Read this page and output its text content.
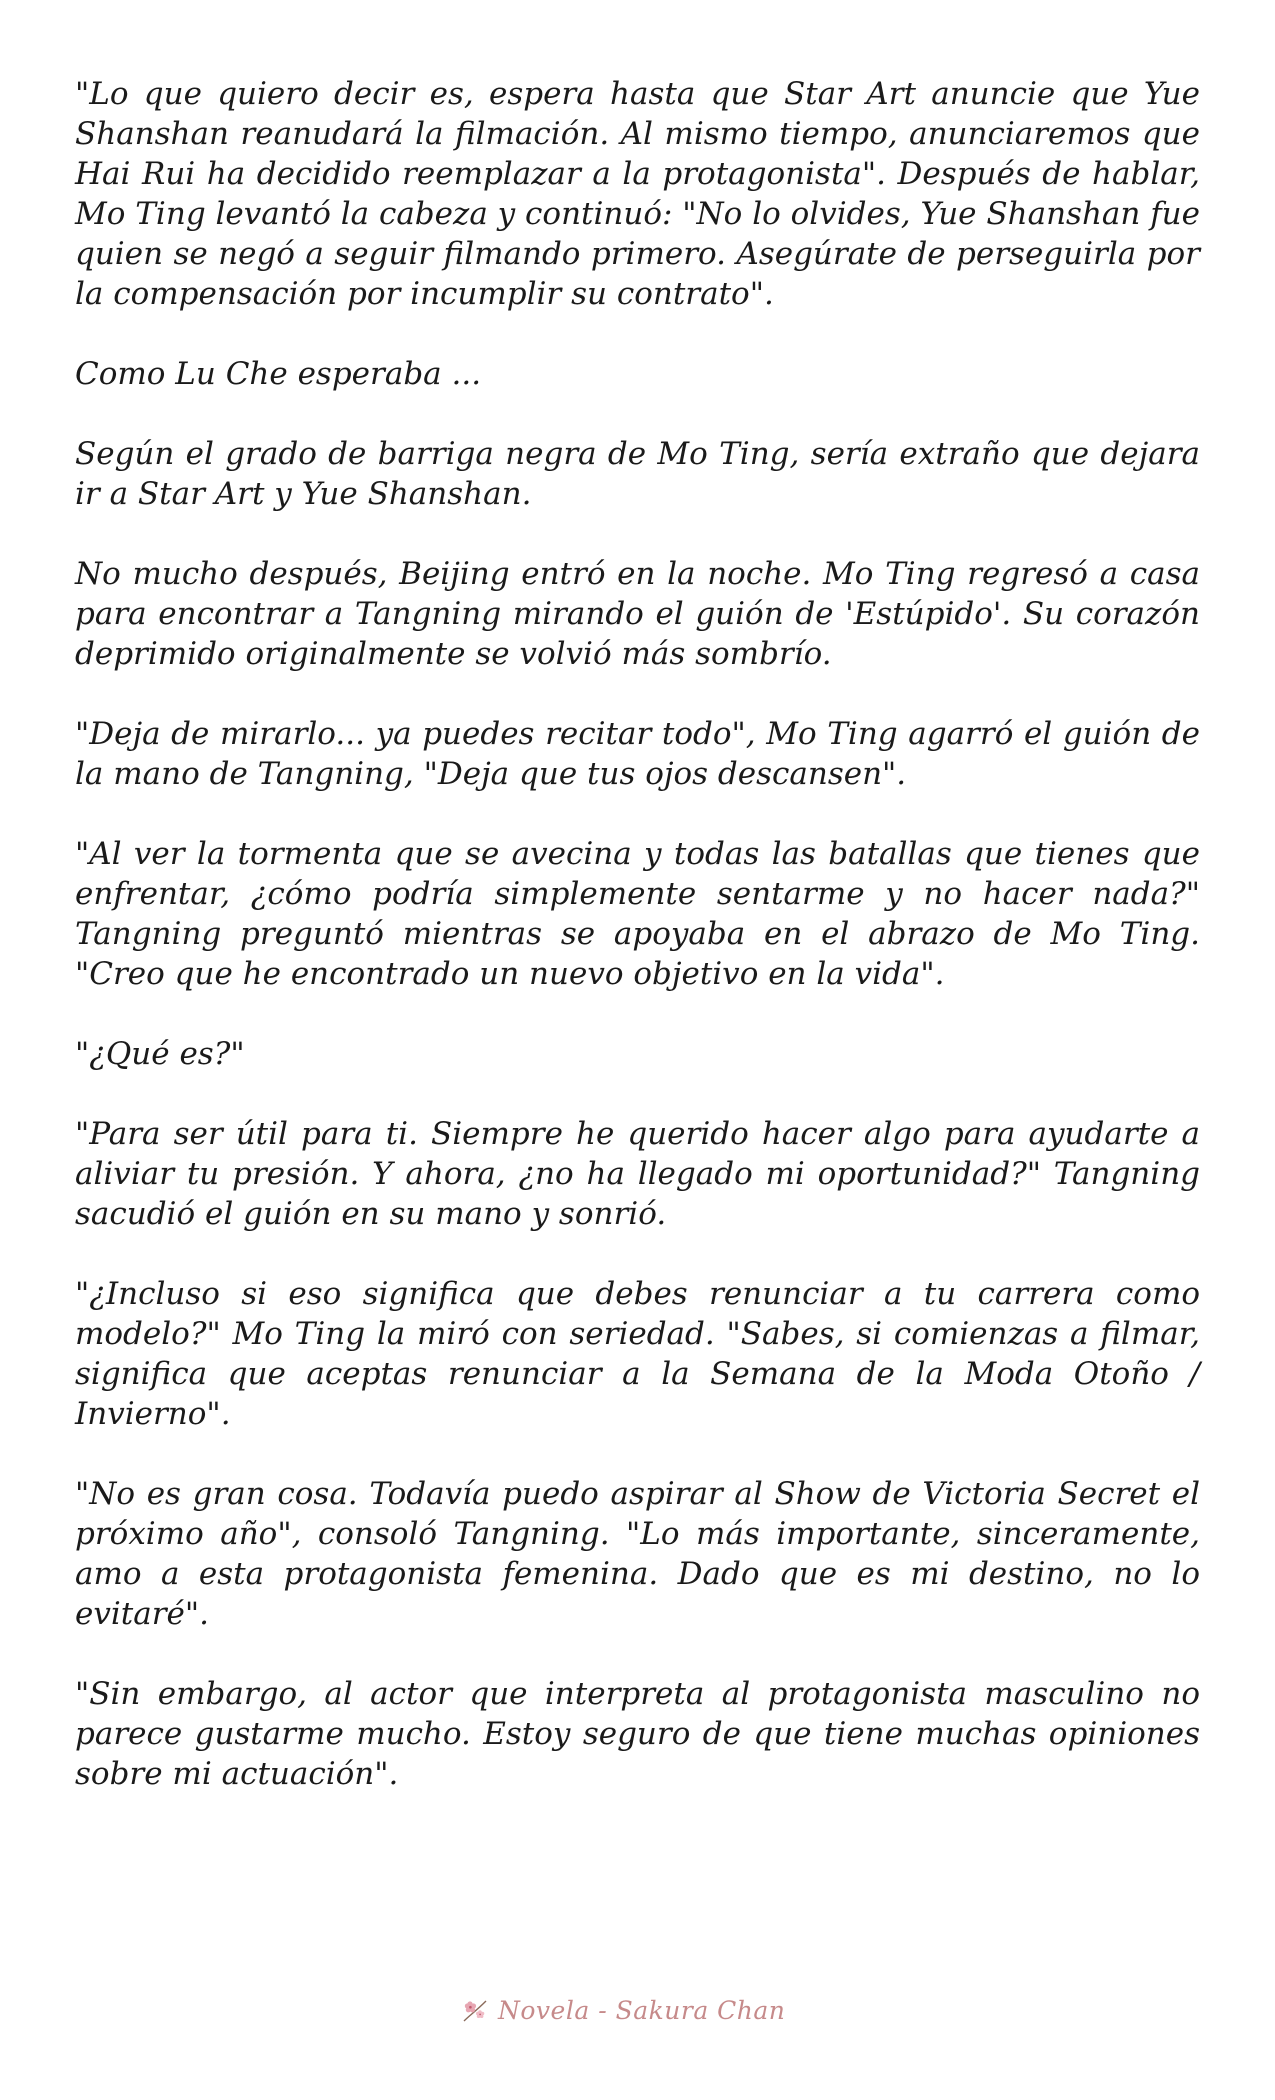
"Lo que quiero decir es, espera hasta que Star Art anuncie que Yue Shanshan reanudará la filmación. Al mismo tiempo, anunciaremos que Hai Rui ha decidido reemplazar a la protagonista". Después de hablar, Mo Ting levantó la cabeza y continuó: "No lo olvides, Yue Shanshan fue quien se negó a seguir filmando primero. Asegúrate de perseguirla por la compensación por incumplir su contrato".

Como Lu Che esperaba ...

Según el grado de barriga negra de Mo Ting, sería extraño que dejara ir a Star Art y Yue Shanshan.

No mucho después, Beijing entró en la noche. Mo Ting regresó a casa para encontrar a Tangning mirando el guión de 'Estúpido'. Su corazón deprimido originalmente se volvió más sombrío.

"Deja de mirarlo... ya puedes recitar todo", Mo Ting agarró el guión de la mano de Tangning, "Deja que tus ojos descansen".

"Al ver la tormenta que se avecina y todas las batallas que tienes que enfrentar, ¿cómo podría simplemente sentarme y no hacer nada?" Tangning preguntó mientras se apoyaba en el abrazo de Mo Ting. "Creo que he encontrado un nuevo objetivo en la vida".

"¿Qué es?"

"Para ser útil para ti. Siempre he querido hacer algo para ayudarte a aliviar tu presión. Y ahora, ¿no ha llegado mi oportunidad?" Tangning sacudió el guión en su mano y sonrió.

"¿Incluso si eso significa que debes renunciar a tu carrera como modelo?" Mo Ting la miró con seriedad. "Sabes, si comienzas a filmar, significa que aceptas renunciar a la Semana de la Moda Otoño / Invierno".

"No es gran cosa. Todavía puedo aspirar al Show de Victoria Secret el próximo año", consoló Tangning. "Lo más importante, sinceramente, amo a esta protagonista femenina. Dado que es mi destino, no lo evitaré".

"Sin embargo, al actor que interpreta al protagonista masculino no parece gustarme mucho. Estoy seguro de que tiene muchas opiniones sobre mi actuación".

Novela - Sakura Chan
